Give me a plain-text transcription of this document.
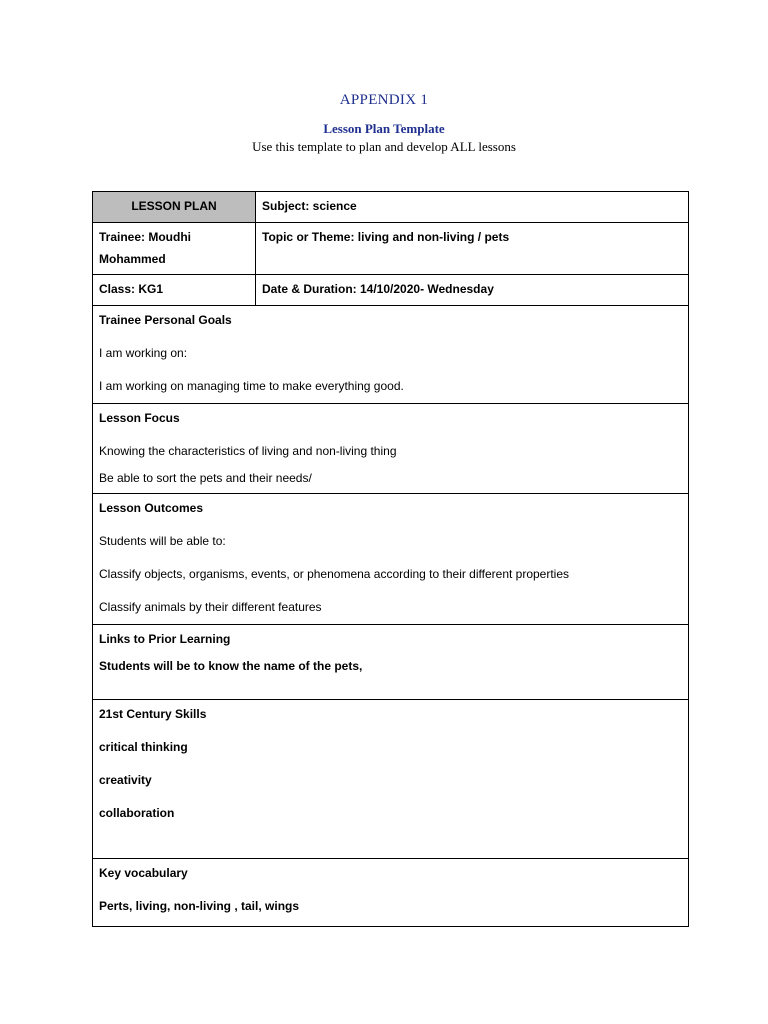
APPENDIX 1
Lesson Plan Template
Use this template to plan and develop ALL lessons
LESSON PLAN	Subject: science

Trainee: Moudhi
Mohammed	Topic or Theme: living and non-living / pets
Class: KG1	Date & Duration: 14/10/2020- Wednesday

Trainee Personal Goals

I am working on:

I am working on managing time to make everything good.	

Lesson Focus

Knowing the characteristics of living and non-living thing

Be able to sort the pets and their needs/	

Lesson Outcomes

Students will be able to:

Classify objects, organisms, events, or phenomena according to their different properties

Classify animals by their different features	

Links to Prior Learning

Students will be to know the name of the pets,	

21st Century Skills

critical thinking

creativity

collaboration	

Key vocabulary

Perts, living, non-living , tail, wings	
